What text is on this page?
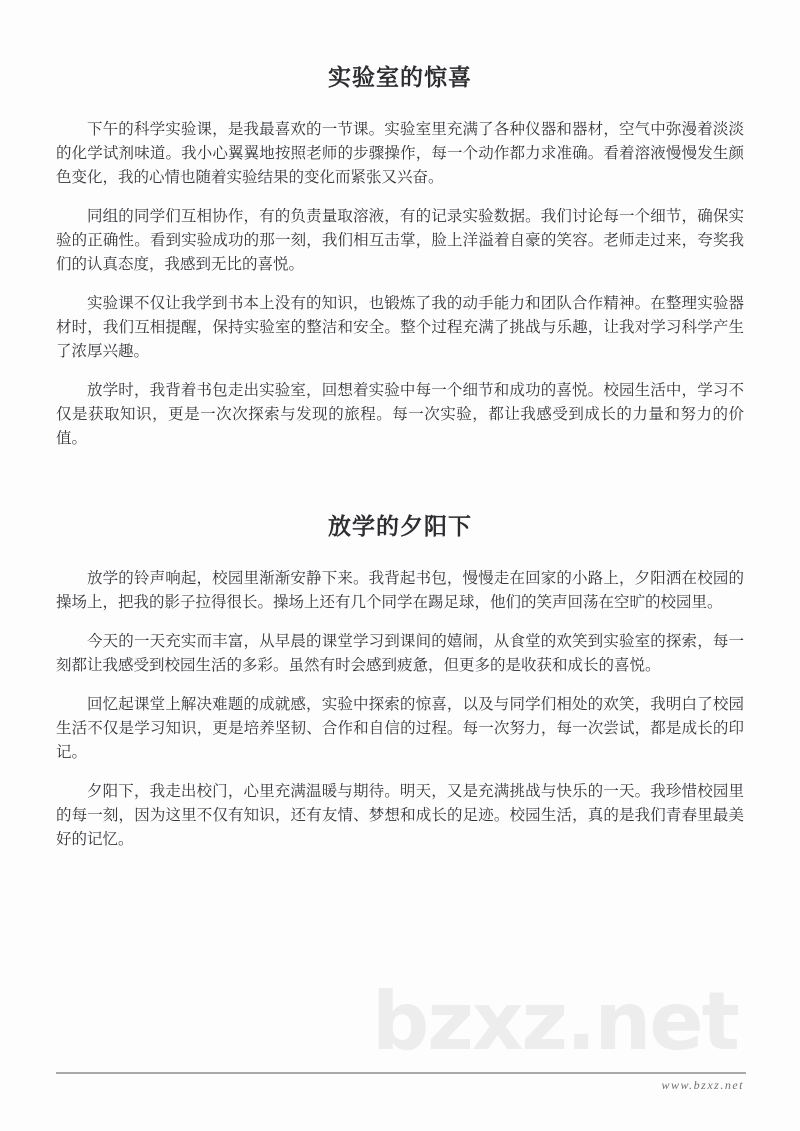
实验室的惊喜

下午的科学实验课，是我最喜欢的一节课。实验室里充满了各种仪器和器材，空气中弥漫着淡淡的化学试剂味道。我小心翼翼地按照老师的步骤操作，每一个动作都力求准确。看着溶液慢慢发生颜色变化，我的心情也随着实验结果的变化而紧张又兴奋。

同组的同学们互相协作，有的负责量取溶液，有的记录实验数据。我们讨论每一个细节，确保实验的正确性。看到实验成功的那一刻，我们相互击掌，脸上洋溢着自豪的笑容。老师走过来，夸奖我们的认真态度，我感到无比的喜悦。

实验课不仅让我学到书本上没有的知识，也锻炼了我的动手能力和团队合作精神。在整理实验器材时，我们互相提醒，保持实验室的整洁和安全。整个过程充满了挑战与乐趣，让我对学习科学产生了浓厚兴趣。

放学时，我背着书包走出实验室，回想着实验中每一个细节和成功的喜悦。校园生活中，学习不仅是获取知识，更是一次次探索与发现的旅程。每一次实验，都让我感受到成长的力量和努力的价值。

放学的夕阳下

放学的铃声响起，校园里渐渐安静下来。我背起书包，慢慢走在回家的小路上，夕阳洒在校园的操场上，把我的影子拉得很长。操场上还有几个同学在踢足球，他们的笑声回荡在空旷的校园里。

今天的一天充实而丰富，从早晨的课堂学习到课间的嬉闹，从食堂的欢笑到实验室的探索，每一刻都让我感受到校园生活的多彩。虽然有时会感到疲惫，但更多的是收获和成长的喜悦。

回忆起课堂上解决难题的成就感，实验中探索的惊喜，以及与同学们相处的欢笑，我明白了校园生活不仅是学习知识，更是培养坚韧、合作和自信的过程。每一次努力，每一次尝试，都是成长的印记。

夕阳下，我走出校门，心里充满温暖与期待。明天，又是充满挑战与快乐的一天。我珍惜校园里的每一刻，因为这里不仅有知识，还有友情、梦想和成长的足迹。校园生活，真的是我们青春里最美好的记忆。

bzxz.net
www.bzxz.net
